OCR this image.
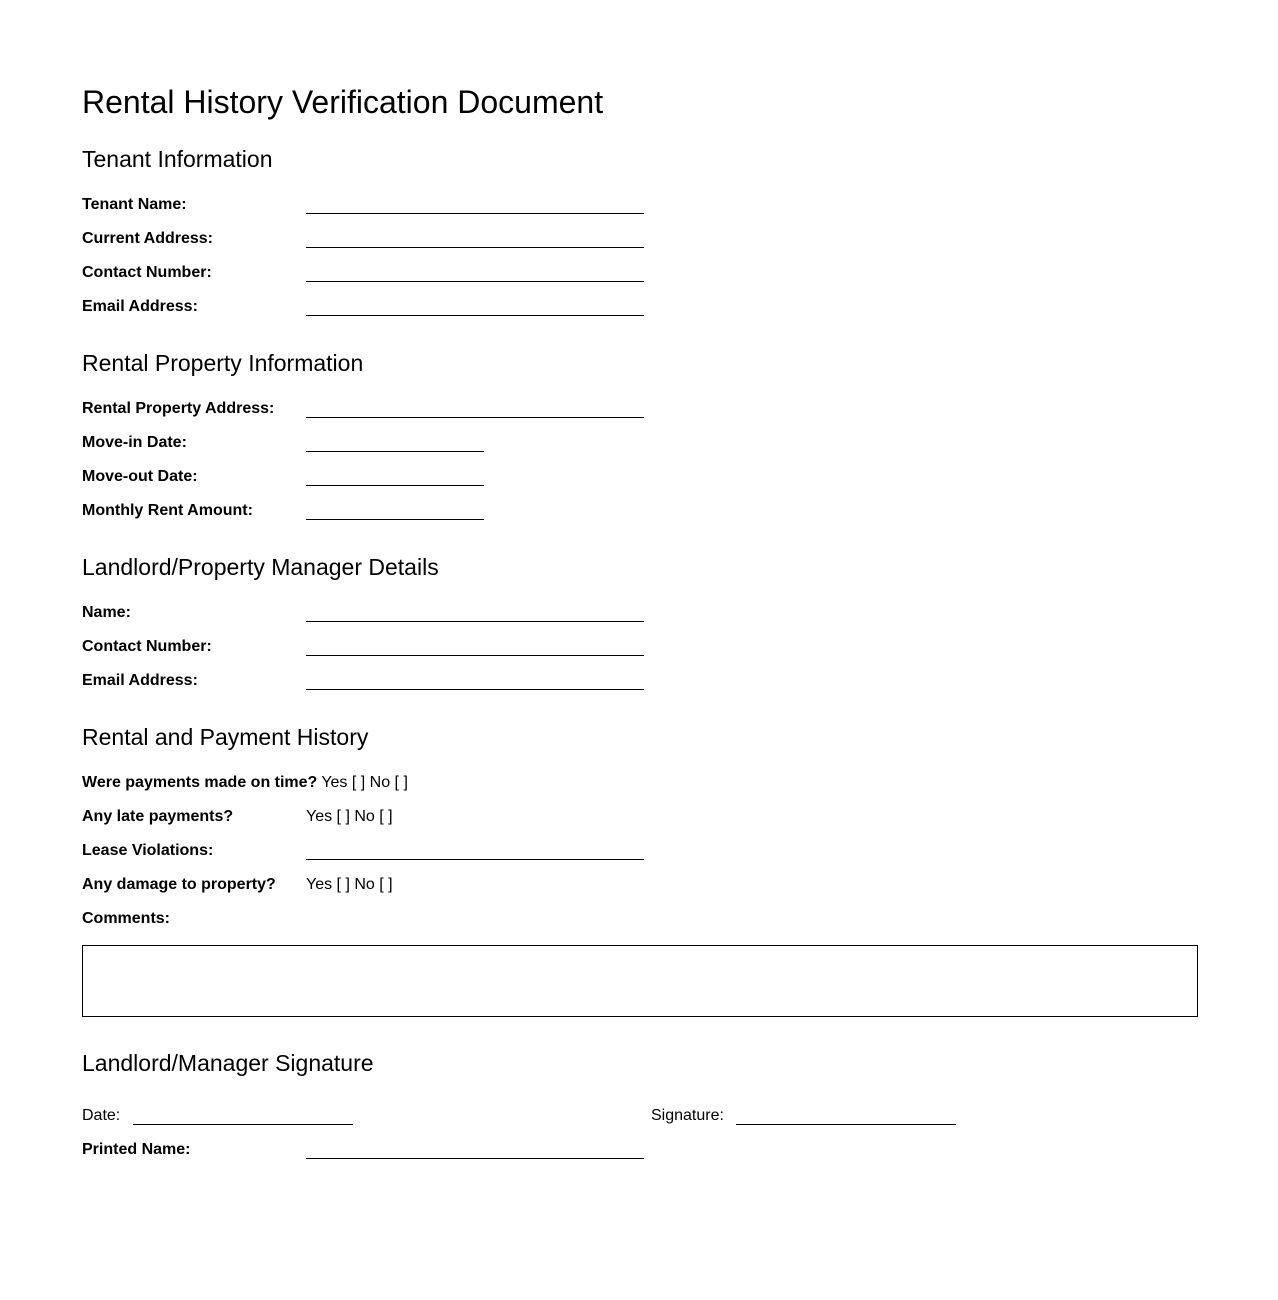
Rental History Verification Document
Tenant Information
Tenant Name:
Current Address:
Contact Number:
Email Address:
Rental Property Information
Rental Property Address:
Move-in Date:
Move-out Date:
Monthly Rent Amount:
Landlord/Property Manager Details
Name:
Contact Number:
Email Address:
Rental and Payment History
Were payments made on time? Yes [ ] No [ ]
Any late payments?	Yes [ ] No [ ]
Lease Violations:
Any damage to property?	Yes [ ] No [ ]
Comments:
Landlord/Manager Signature
Date:	Signature:
Printed Name:
